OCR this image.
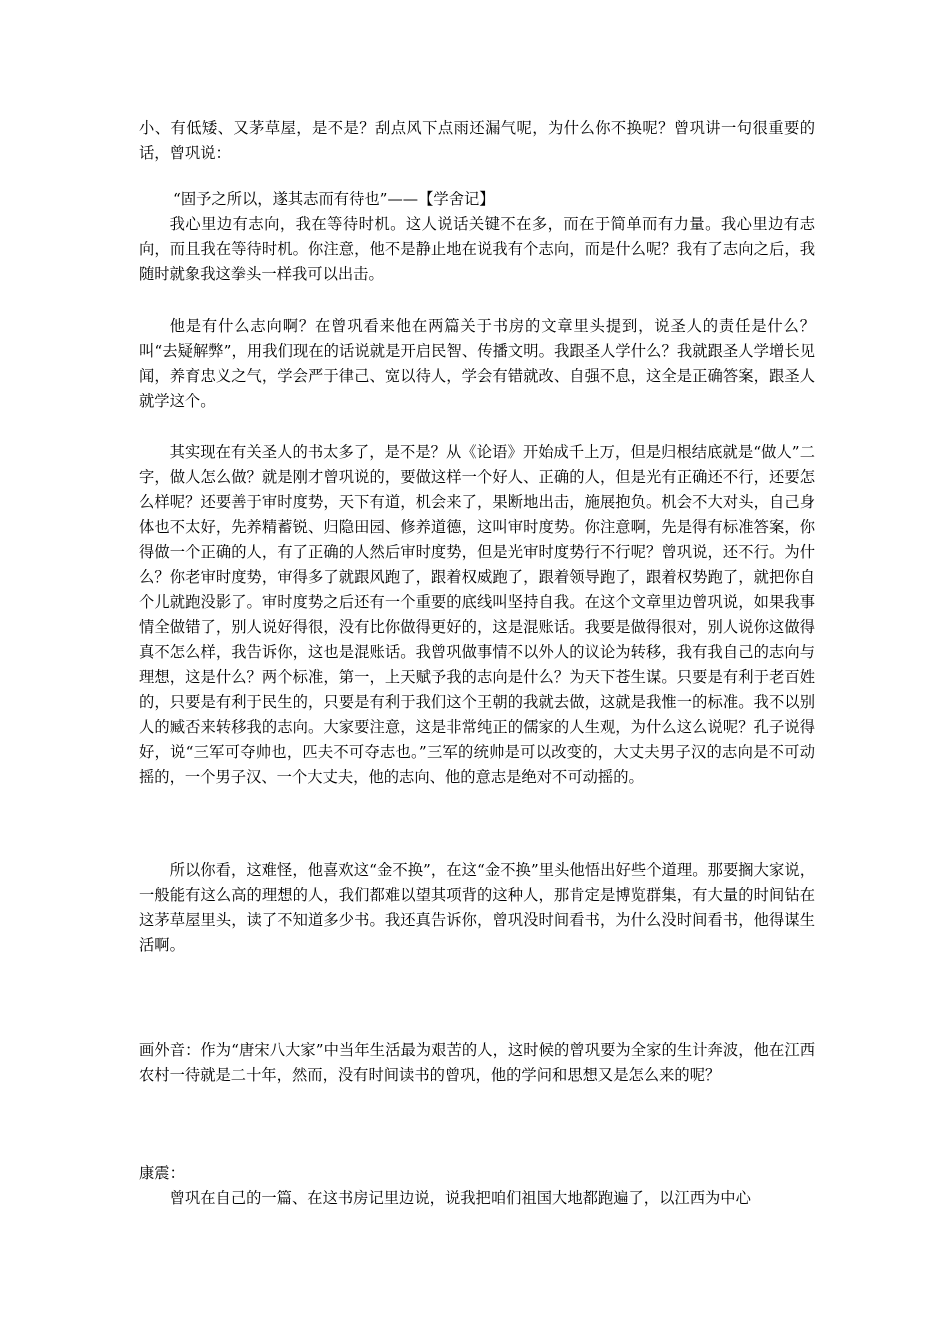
小、有低矮、又茅草屋，是不是？刮点风下点雨还漏气呢，为什么你不换呢？曾巩讲一句很重要的话，曾巩说：

“固予之所以，遂其志而有待也”——【学舍记】

我心里边有志向，我在等待时机。这人说话关键不在多，而在于简单而有力量。我心里边有志向，而且我在等待时机。你注意，他不是静止地在说我有个志向，而是什么呢？我有了志向之后，我随时就象我这拳头一样我可以出击。

他是有什么志向啊？在曾巩看来他在两篇关于书房的文章里头提到，说圣人的责任是什么？叫“去疑解弊”，用我们现在的话说就是开启民智、传播文明。我跟圣人学什么？我就跟圣人学增长见闻，养育忠义之气，学会严于律己、宽以待人，学会有错就改、自强不息，这全是正确答案，跟圣人就学这个。

其实现在有关圣人的书太多了，是不是？从《论语》开始成千上万，但是归根结底就是“做人”二字，做人怎么做？就是刚才曾巩说的，要做这样一个好人、正确的人，但是光有正确还不行，还要怎么样呢？还要善于审时度势，天下有道，机会来了，果断地出击，施展抱负。机会不大对头，自己身体也不太好，先养精蓄锐、归隐田园、修养道德，这叫审时度势。你注意啊，先是得有标准答案，你得做一个正确的人，有了正确的人然后审时度势，但是光审时度势行不行呢？曾巩说，还不行。为什么？你老审时度势，审得多了就跟风跑了，跟着权威跑了，跟着领导跑了，跟着权势跑了，就把你自个儿就跑没影了。审时度势之后还有一个重要的底线叫坚持自我。在这个文章里边曾巩说，如果我事情全做错了，别人说好得很，没有比你做得更好的，这是混账话。我要是做得很对，别人说你这做得真不怎么样，我告诉你，这也是混账话。我曾巩做事情不以外人的议论为转移，我有我自己的志向与理想，这是什么？两个标准，第一，上天赋予我的志向是什么？为天下苍生谋。只要是有利于老百姓的，只要是有利于民生的，只要是有利于我们这个王朝的我就去做，这就是我惟一的标准。我不以别人的臧否来转移我的志向。大家要注意，这是非常纯正的儒家的人生观，为什么这么说呢？孔子说得好，说“三军可夺帅也，匹夫不可夺志也。”三军的统帅是可以改变的，大丈夫男子汉的志向是不可动摇的，一个男子汉、一个大丈夫，他的志向、他的意志是绝对不可动摇的。

所以你看，这难怪，他喜欢这“金不换”，在这“金不换”里头他悟出好些个道理。那要搁大家说，一般能有这么高的理想的人，我们都难以望其项背的这种人，那肯定是博览群集，有大量的时间钻在这茅草屋里头，读了不知道多少书。我还真告诉你，曾巩没时间看书，为什么没时间看书，他得谋生活啊。

画外音：作为“唐宋八大家”中当年生活最为艰苦的人，这时候的曾巩要为全家的生计奔波，他在江西农村一待就是二十年，然而，没有时间读书的曾巩，他的学问和思想又是怎么来的呢？

康震：

曾巩在自己的一篇、在这书房记里边说，说我把咱们祖国大地都跑遍了，以江西为中心
